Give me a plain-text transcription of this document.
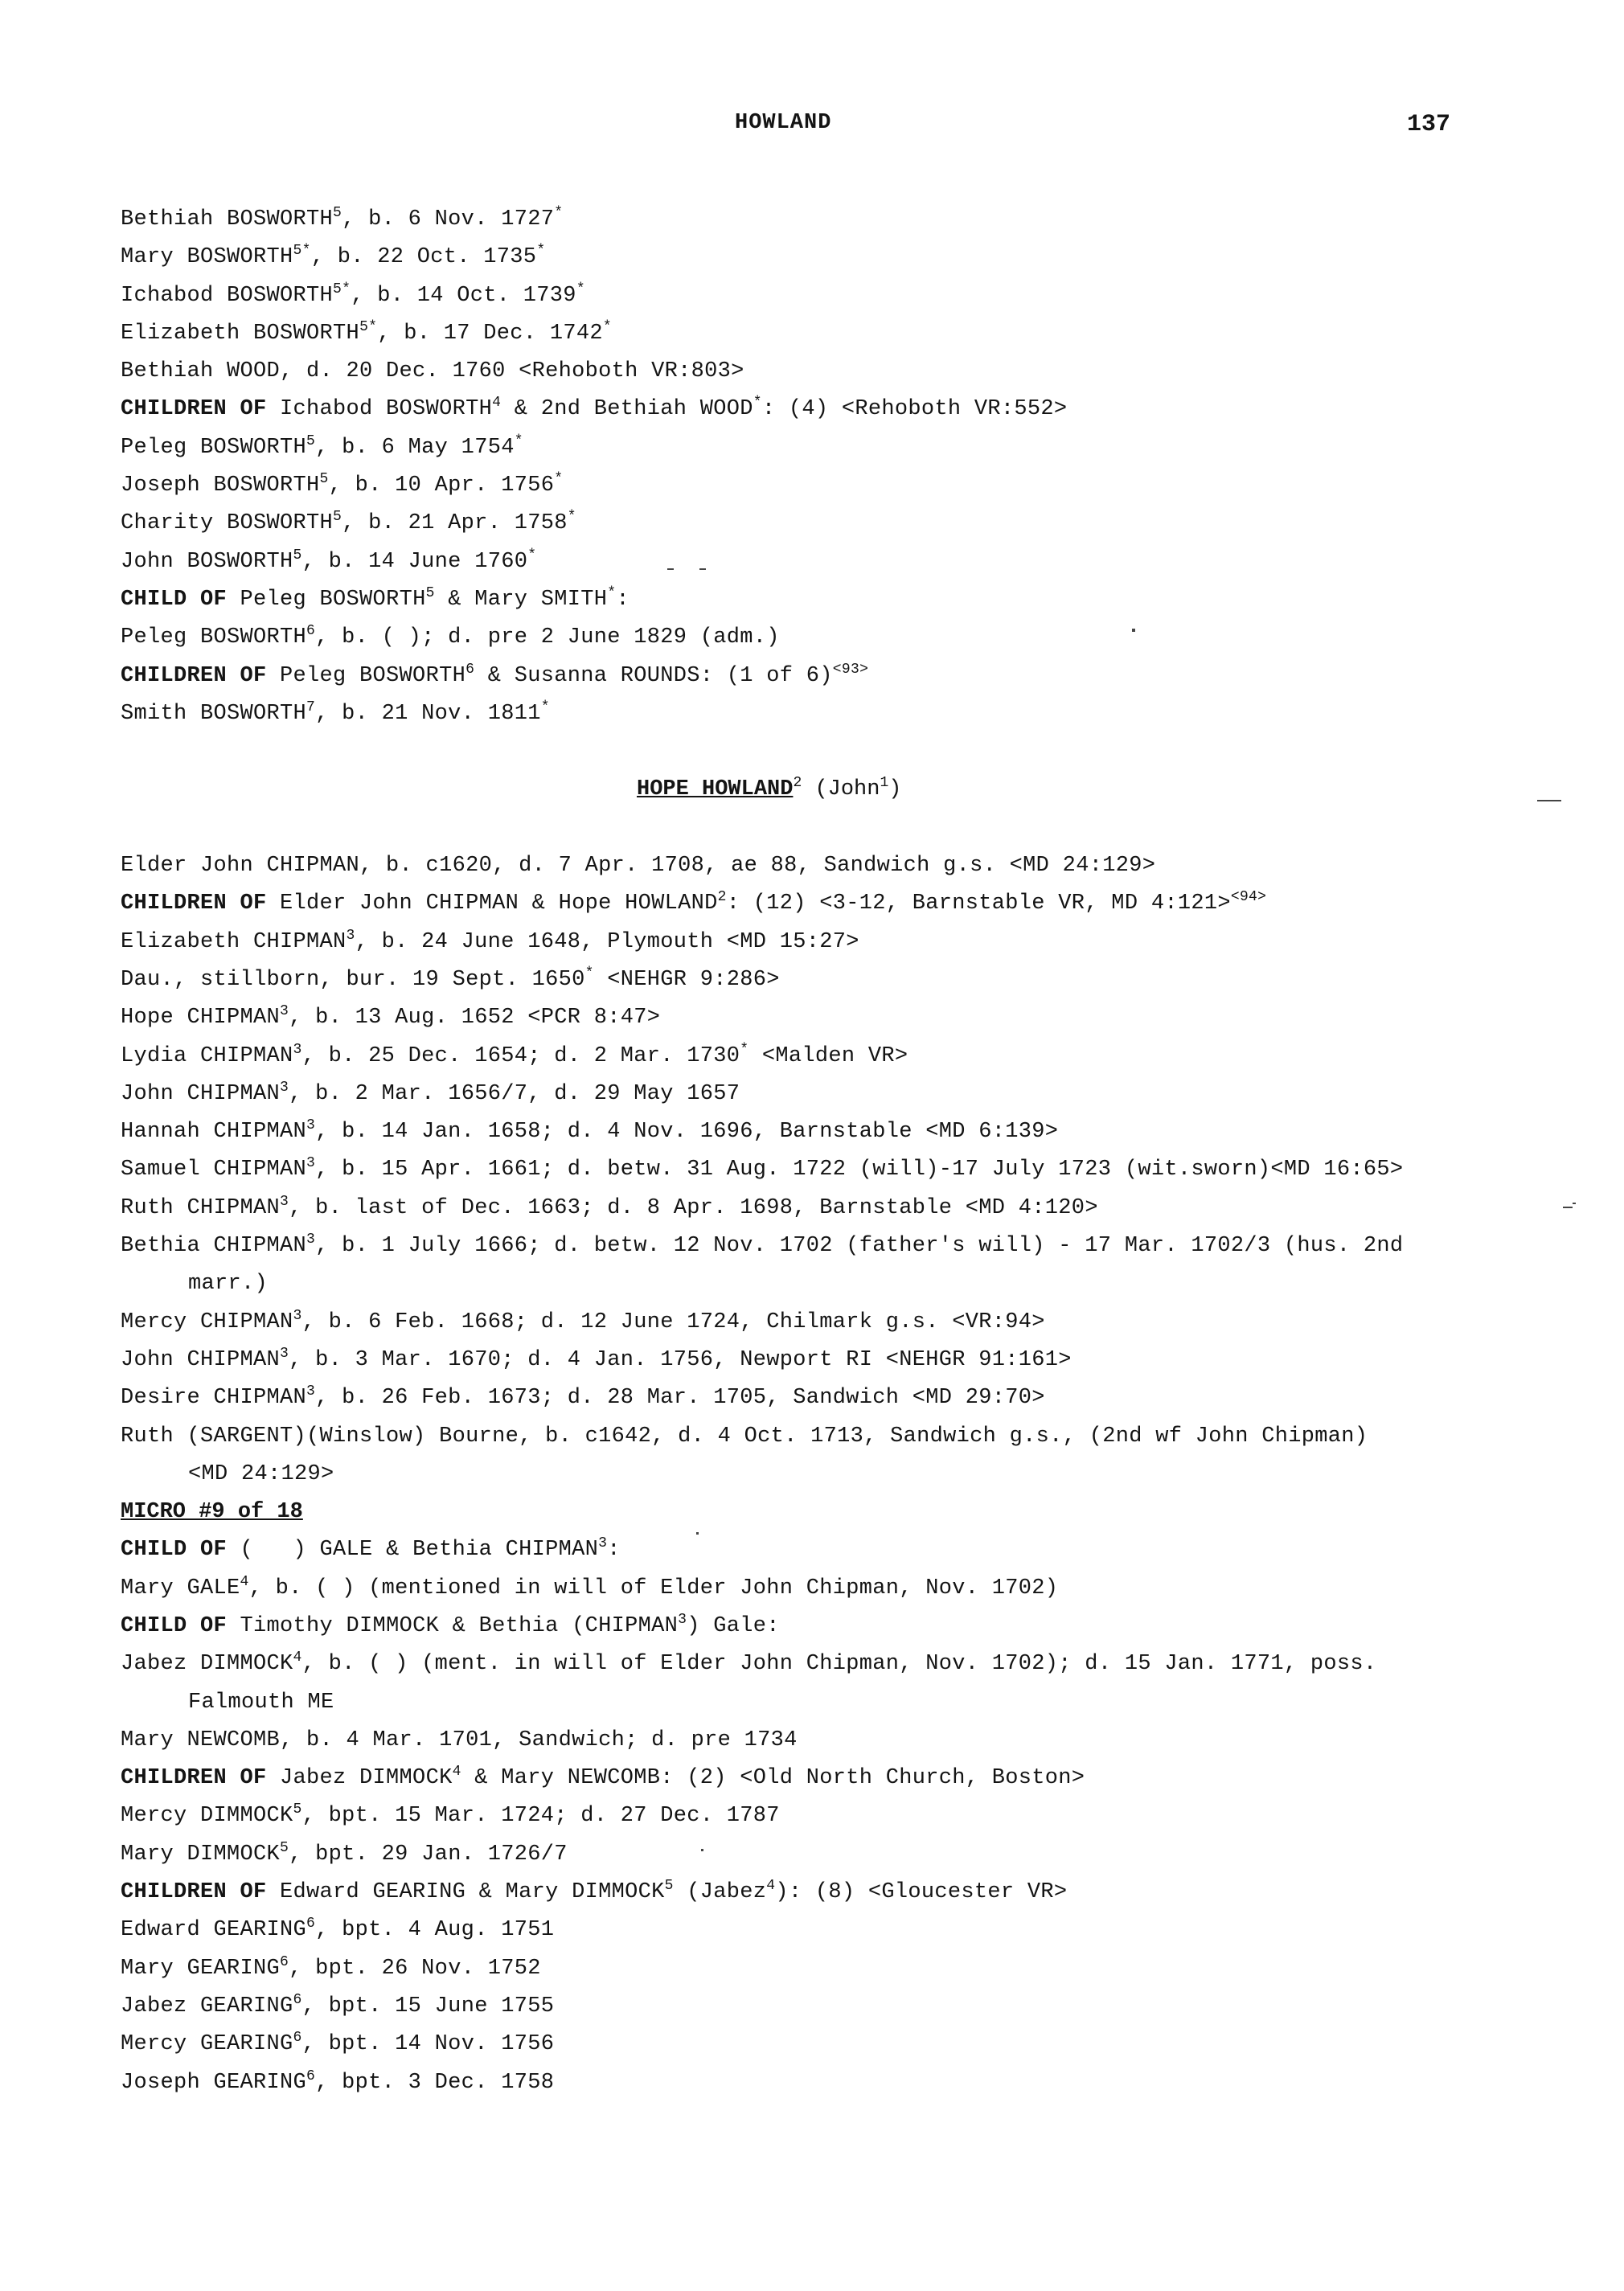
HOWLAND	137
Bethiah BOSWORTH$^5$, b. 6 Nov. 1727*
Mary $BOSWORTH^{5*}$, b. 22 Oct. 1735*
Ichabod $BOSWORTH^{5*}$, b. 14 Oct. 1739*
Elizabeth $BOSWORTH^{5*}$, b. 17 Dec. 1742*
Bethiah WOOD, d. 20 Dec. 1760 <Rehoboth VR:803>
CHILDREN OF Ichabod BOSWORTH$^4$ & 2nd Bethiah WOOD*: (4) <Rehoboth VR:552>
Peleg BOSWORTH$^5$, b. 6 May 1754*
Joseph BOSWORTH$^5$, b. 10 Apr. 1756*
Charity BOSWORTH$^5$, b. 21 Apr. 1758*
John BOSWORTH$^5$, b. 14 June 1760*
CHILD OF Peleg BOSWORTH$^5$ & Mary SMITH*:
Peleg BOSWORTH$^6$, b. ( ); d. pre 2 June 1829 (adm.)
CHILDREN OF Peleg BOSWORTH$^6$ & Susanna ROUNDS: (1 of 6)$^{<93>}$
Smith BOSWORTH$^7$, b. 21 Nov. 1811*
HOPE HOWLAND$^2$ (John$^1$)
Elder John CHIPMAN, b. c1620, d. 7 Apr. 1708, ae 88, Sandwich g.s. <MD 24:129>
CHILDREN OF Elder John CHIPMAN & Hope HOWLAND$^2$: (12) <3-12, Barnstable VR, MD 4:121>$^{<94>}$
Elizabeth CHIPMAN$^3$, b. 24 June 1648, Plymouth <MD 15:27>
Dau., stillborn, bur. 19 Sept. 1650* <NEHGR 9:286>
Hope CHIPMAN$^3$, b. 13 Aug. 1652 <PCR 8:47>
Lydia CHIPMAN$^3$, b. 25 Dec. 1654; d. 2 Mar. 1730* <Malden VR>
John CHIPMAN$^3$, b. 2 Mar. 1656/7, d. 29 May 1657
Hannah CHIPMAN$^3$, b. 14 Jan. 1658; d. 4 Nov. 1696, Barnstable <MD 6:139>
Samuel CHIPMAN$^3$, b. 15 Apr. 1661; d. betw. 31 Aug. 1722 (will)-17 July 1723 (wit.sworn)<MD 16:65>
Ruth CHIPMAN$^3$, b. last of Dec. 1663; d. 8 Apr. 1698, Barnstable <MD 4:120>
Bethia CHIPMAN$^3$, b. 1 July 1666; d. betw. 12 Nov. 1702 (father's will) - 17 Mar. 1702/3 (hus. 2nd
marr.)
Mercy CHIPMAN$^3$, b. 6 Feb. 1668; d. 12 June 1724, Chilmark g.s. <VR:94>
John CHIPMAN$^3$, b. 3 Mar. 1670; d. 4 Jan. 1756, Newport RI <NEHGR 91:161>
Desire CHIPMAN$^3$, b. 26 Feb. 1673; d. 28 Mar. 1705, Sandwich <MD 29:70>
Ruth (SARGENT)(Winslow) Bourne, b. c1642, d. 4 Oct. 1713, Sandwich g.s., (2nd wf John Chipman)
<MD 24:129>
MICRO #9 of 18
CHILD OF (   ) GALE & Bethia CHIPMAN$^3$:
Mary GALE$^4$, b. ( ) (mentioned in will of Elder John Chipman, Nov. 1702)
CHILD OF Timothy DIMMOCK & Bethia (CHIPMAN$^3$) Gale:
Jabez DIMMOCK$^4$, b. ( ) (ment. in will of Elder John Chipman, Nov. 1702); d. 15 Jan. 1771, poss.
Falmouth ME
Mary NEWCOMB, b. 4 Mar. 1701, Sandwich; d. pre 1734
CHILDREN OF Jabez DIMMOCK$^4$ & Mary NEWCOMB: (2) <Old North Church, Boston>
Mercy DIMMOCK$^5$, bpt. 15 Mar. 1724; d. 27 Dec. 1787
Mary DIMMOCK$^5$, bpt. 29 Jan. 1726/7
CHILDREN OF Edward GEARING & Mary DIMMOCK$^5$ (Jabez$^4$): (8) <Gloucester VR>
Edward GEARING$^6$, bpt. 4 Aug. 1751
Mary GEARING$^6$, bpt. 26 Nov. 1752
Jabez GEARING$^6$, bpt. 15 June 1755
Mercy GEARING$^6$, bpt. 14 Nov. 1756
Joseph GEARING$^6$, bpt. 3 Dec. 1758
